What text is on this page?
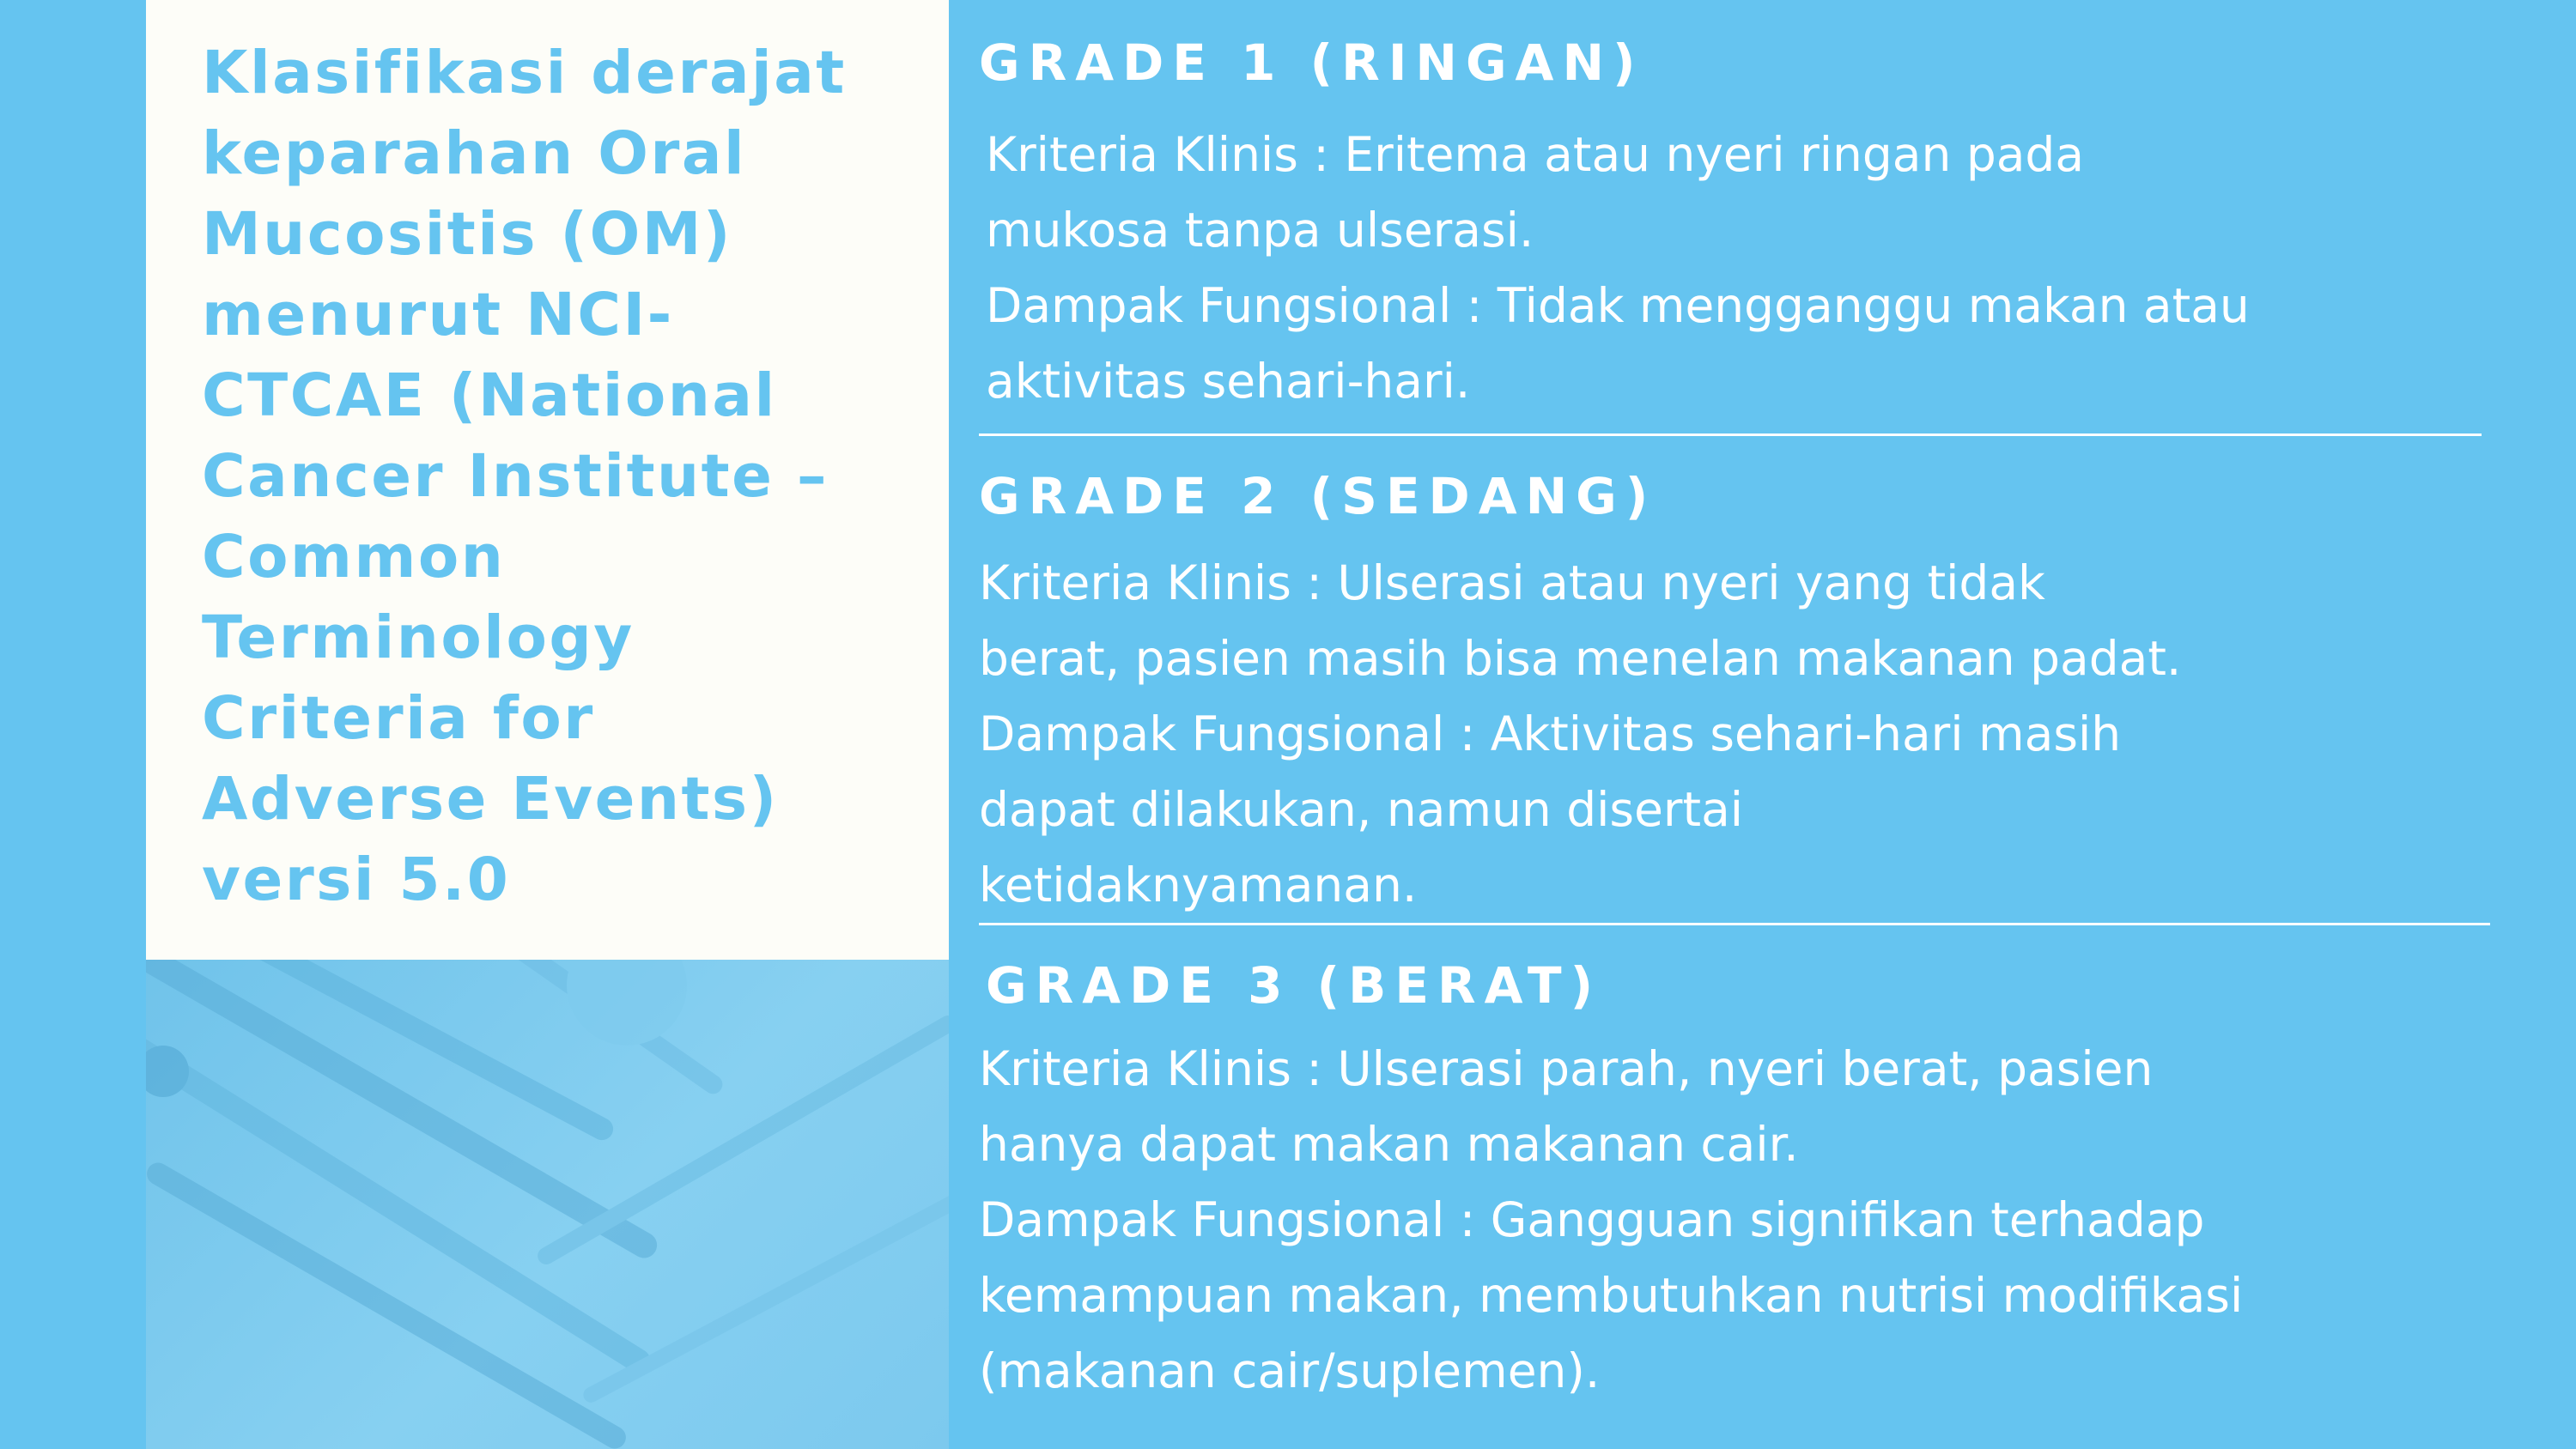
Klasifikasi derajat
keparahan Oral
Mucositis (OM)
menurut NCI-
CTCAE (National
Cancer Institute –
Common
Terminology
Criteria for
Adverse Events)
versi 5.0
GRADE 1 (RINGAN)

Kriteria Klinis : Eritema atau nyeri ringan pada
mukosa tanpa ulserasi.
Dampak Fungsional : Tidak mengganggu makan atau
aktivitas sehari-hari.

GRADE 2 (SEDANG)

Kriteria Klinis : Ulserasi atau nyeri yang tidak
berat, pasien masih bisa menelan makanan padat.
Dampak Fungsional : Aktivitas sehari-hari masih
dapat dilakukan, namun disertai
ketidaknyamanan.

GRADE 3 (BERAT)

Kriteria Klinis : Ulserasi parah, nyeri berat, pasien
hanya dapat makan makanan cair.
Dampak Fungsional : Gangguan signifikan terhadap
kemampuan makan, membutuhkan nutrisi modifikasi
(makanan cair/suplemen).
